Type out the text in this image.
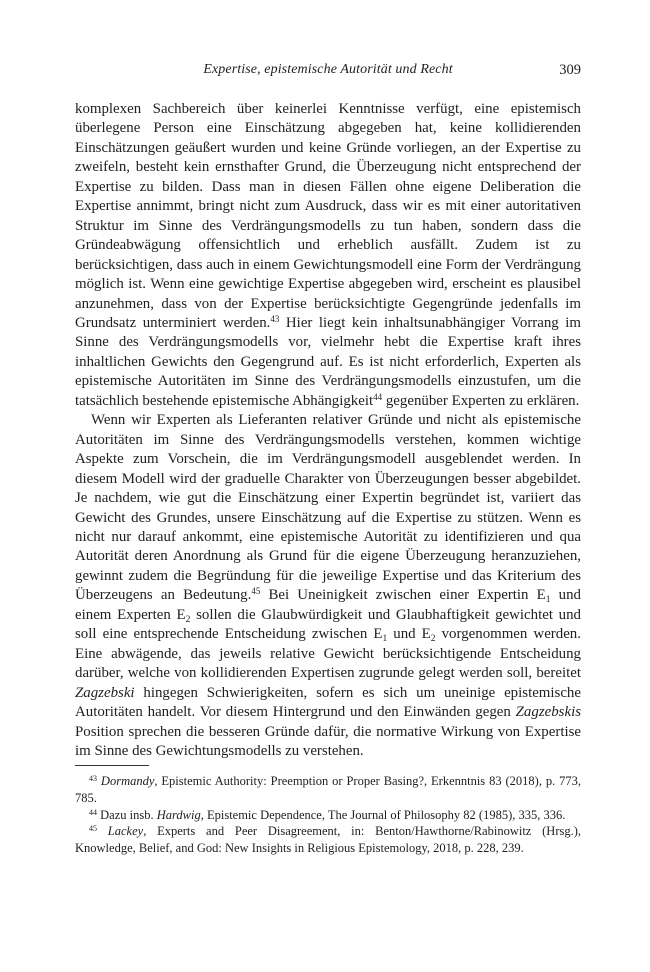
Expertise, epistemische Autorität und Recht	309

komplexen Sachbereich über keinerlei Kenntnisse verfügt, eine epistemisch überlegene Person eine Einschätzung abgegeben hat, keine kollidierenden Einschätzungen geäußert wurden und keine Gründe vorliegen, an der Expertise zu zweifeln, besteht kein ernsthafter Grund, die Überzeugung nicht entsprechend der Expertise zu bilden. Dass man in diesen Fällen ohne eigene Deliberation die Expertise annimmt, bringt nicht zum Ausdruck, dass wir es mit einer autoritativen Struktur im Sinne des Verdrängungsmodells zu tun haben, sondern dass die Gründeabwägung offensichtlich und erheblich ausfällt. Zudem ist zu berücksichtigen, dass auch in einem Gewichtungsmodell eine Form der Verdrängung möglich ist. Wenn eine gewichtige Expertise abgegeben wird, erscheint es plausibel anzunehmen, dass von der Expertise berücksichtigte Gegengründe jedenfalls im Grundsatz unterminiert werden.$^{43}$ Hier liegt kein inhaltsunabhängiger Vorrang im Sinne des Verdrängungsmodells vor, vielmehr hebt die Expertise kraft ihres inhaltlichen Gewichts den Gegengrund auf. Es ist nicht erforderlich, Experten als epistemische Autoritäten im Sinne des Verdrängungsmodells einzustufen, um die tatsächlich bestehende epistemische Abhängigkeit$^{44}$ gegenüber Experten zu erklären.

Wenn wir Experten als Lieferanten relativer Gründe und nicht als epistemische Autoritäten im Sinne des Verdrängungsmodells verstehen, kommen wichtige Aspekte zum Vorschein, die im Verdrängungsmodell ausgeblendet werden. In diesem Modell wird der graduelle Charakter von Überzeugungen besser abgebildet. Je nachdem, wie gut die Einschätzung einer Expertin begründet ist, variiert das Gewicht des Grundes, unsere Einschätzung auf die Expertise zu stützen. Wenn es nicht nur darauf ankommt, eine epistemische Autorität zu identifizieren und qua Autorität deren Anordnung als Grund für die eigene Überzeugung heranzuziehen, gewinnt zudem die Begründung für die jeweilige Expertise und das Kriterium des Überzeugens an Bedeutung.$^{45}$ Bei Uneinigkeit zwischen einer Expertin $E_1$ und einem Experten $E_2$ sollen die Glaubwürdigkeit und Glaubhaftigkeit gewichtet und soll eine entsprechende Entscheidung zwischen $E_1$ und $E_2$ vorgenommen werden. Eine abwägende, das jeweils relative Gewicht berücksichtigende Entscheidung darüber, welche von kollidierenden Expertisen zugrunde gelegt werden soll, bereitet Zagzebski hingegen Schwierigkeiten, sofern es sich um uneinige epistemische Autoritäten handelt. Vor diesem Hintergrund und den Einwänden gegen Zagzebskis Position sprechen die besseren Gründe dafür, die normative Wirkung von Expertise im Sinne des Gewichtungsmodells zu verstehen.

$^{43}$ Dormandy, Epistemic Authority: Preemption or Proper Basing?, Erkenntnis 83 (2018), p. 773, 785.

$^{44}$ Dazu insb. Hardwig, Epistemic Dependence, The Journal of Philosophy 82 (1985), 335, 336.

$^{45}$ Lackey, Experts and Peer Disagreement, in: Benton/Hawthorne/Rabinowitz (Hrsg.), Knowledge, Belief, and God: New Insights in Religious Epistemology, 2018, p. 228, 239.
